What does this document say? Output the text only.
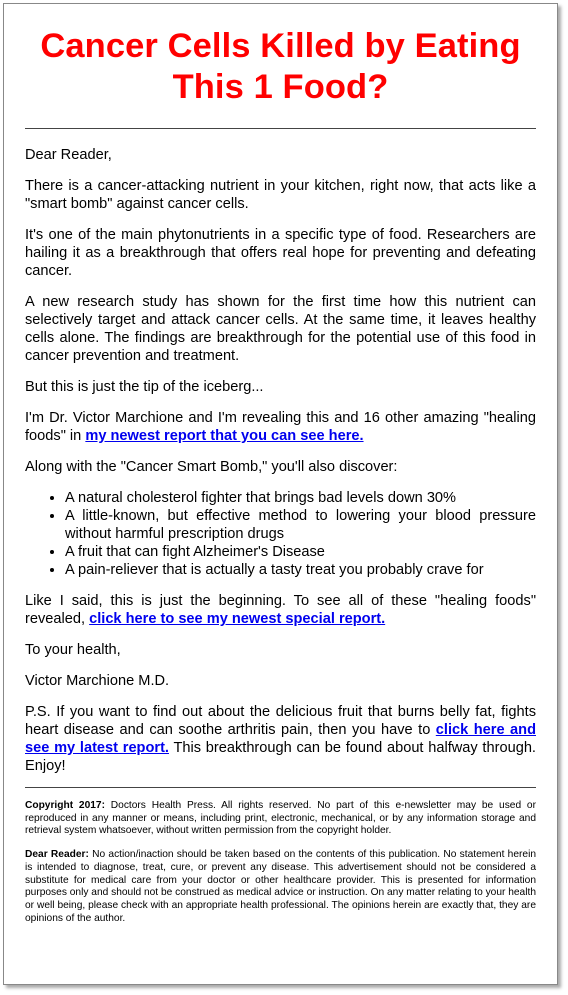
Cancer Cells Killed by Eating
This 1 Food?

Dear Reader,

There is a cancer-attacking nutrient in your kitchen, right now, that acts like a "smart bomb" against cancer cells.

It's one of the main phytonutrients in a specific type of food. Researchers are hailing it as a breakthrough that offers real hope for preventing and defeating cancer.

A new research study has shown for the first time how this nutrient can selectively target and attack cancer cells. At the same time, it leaves healthy cells alone. The findings are breakthrough for the potential use of this food in cancer prevention and treatment.

But this is just the tip of the iceberg...

I'm Dr. Victor Marchione and I'm revealing this and 16 other amazing "healing foods" in my newest report that you can see here.

Along with the "Cancer Smart Bomb," you'll also discover:

• A natural cholesterol fighter that brings bad levels down 30%
• A little-known, but effective method to lowering your blood pressure without harmful prescription drugs
• A fruit that can fight Alzheimer's Disease
• A pain-reliever that is actually a tasty treat you probably crave for

Like I said, this is just the beginning. To see all of these "healing foods" revealed, click here to see my newest special report.

To your health,

Victor Marchione M.D.

P.S. If you want to find out about the delicious fruit that burns belly fat, fights heart disease and can soothe arthritis pain, then you have to click here and see my latest report. This breakthrough can be found about halfway through. Enjoy!

Copyright 2017: Doctors Health Press. All rights reserved. No part of this e-newsletter may be used or reproduced in any manner or means, including print, electronic, mechanical, or by any information storage and retrieval system whatsoever, without written permission from the copyright holder.

Dear Reader: No action/inaction should be taken based on the contents of this publication. No statement herein is intended to diagnose, treat, cure, or prevent any disease. This advertisement should not be considered a substitute for medical care from your doctor or other healthcare provider. This is presented for information purposes only and should not be construed as medical advice or instruction. On any matter relating to your health or well being, please check with an appropriate health professional. The opinions herein are exactly that, they are opinions of the author.
